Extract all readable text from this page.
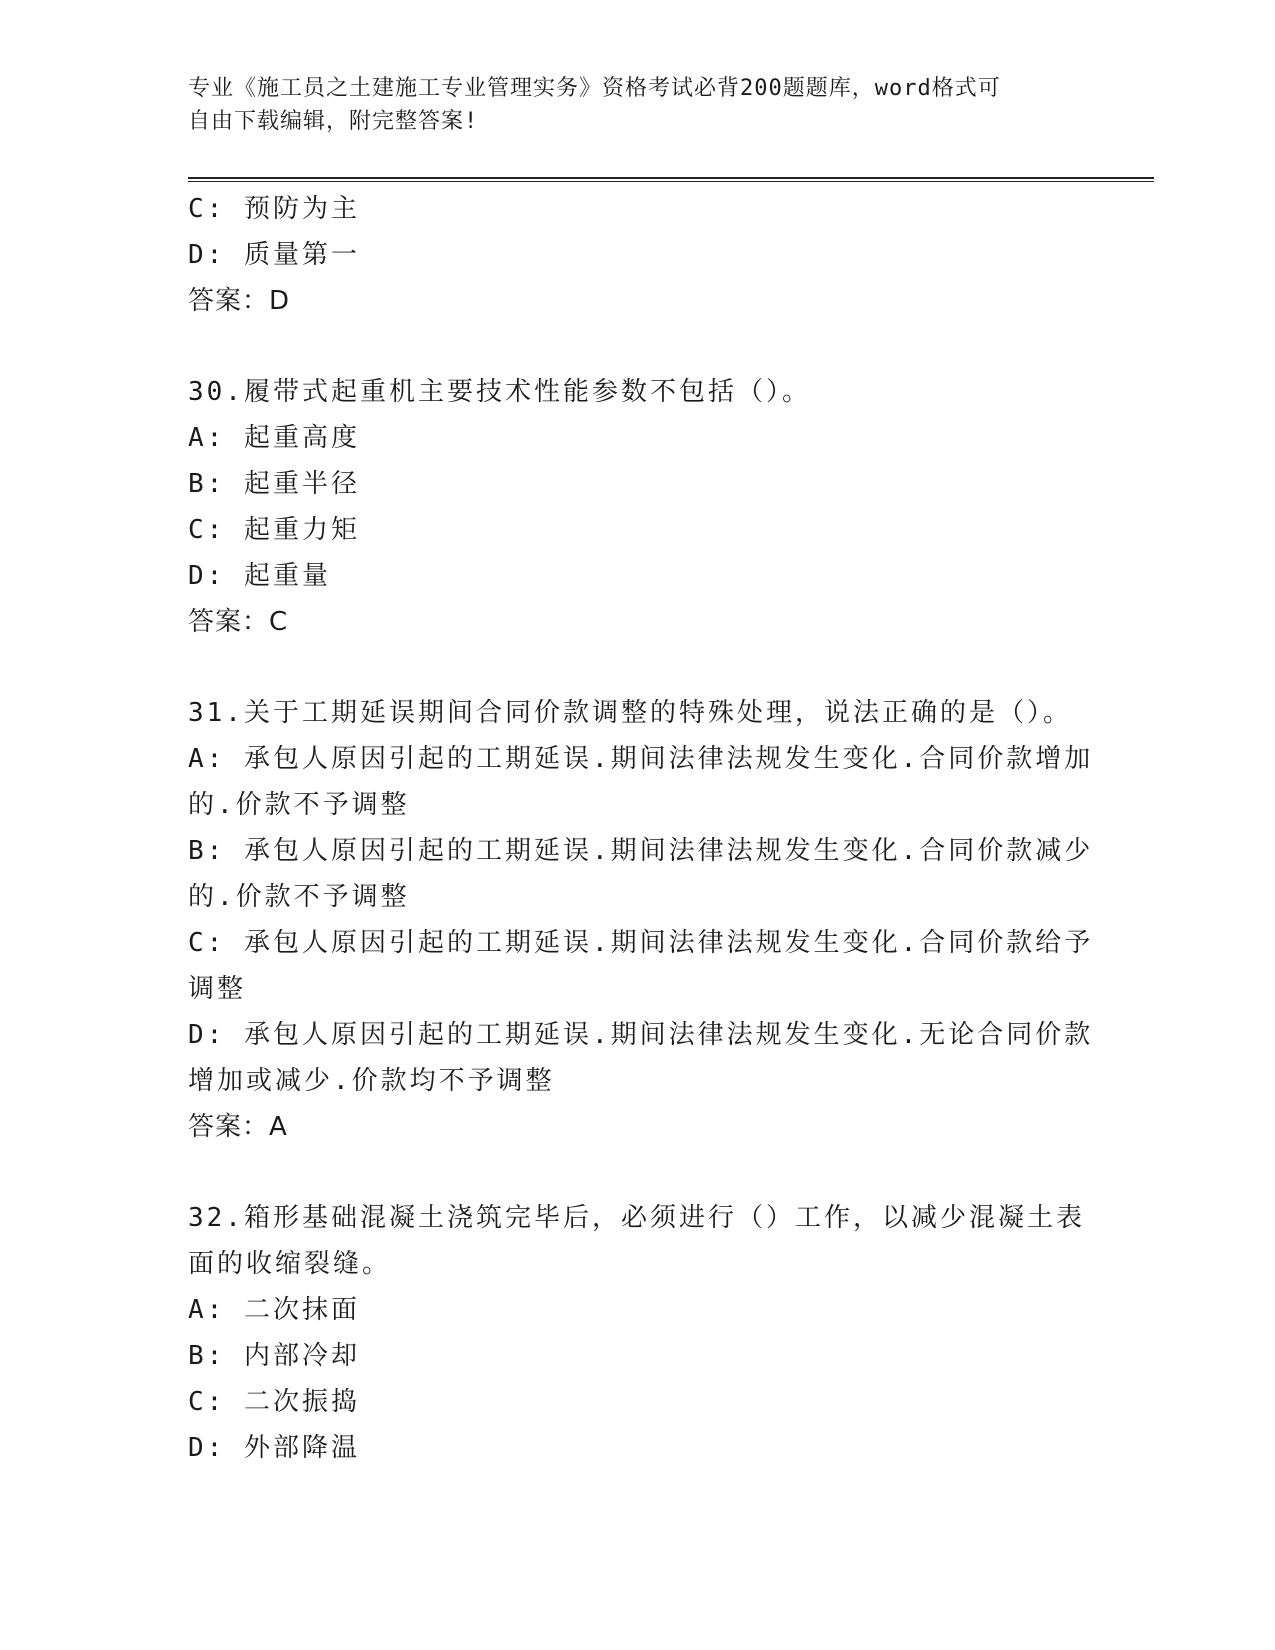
专业《施工员之土建施工专业管理实务》资格考试必背200题题库，word格式可
自由下载编辑，附完整答案!
C: 预防为主
D: 质量第一
答案：D
30.履带式起重机主要技术性能参数不包括（）。
A: 起重高度
B: 起重半径
C: 起重力矩
D: 起重量
答案：C
31.关于工期延误期间合同价款调整的特殊处理，说法正确的是（）。
A: 承包人原因引起的工期延误.期间法律法规发生变化.合同价款增加
的.价款不予调整
B: 承包人原因引起的工期延误.期间法律法规发生变化.合同价款减少
的.价款不予调整
C: 承包人原因引起的工期延误.期间法律法规发生变化.合同价款给予
调整
D: 承包人原因引起的工期延误.期间法律法规发生变化.无论合同价款
增加或减少.价款均不予调整
答案：A
32.箱形基础混凝土浇筑完毕后，必须进行（）工作，以减少混凝土表
面的收缩裂缝。
A: 二次抹面
B: 内部冷却
C: 二次振捣
D: 外部降温
